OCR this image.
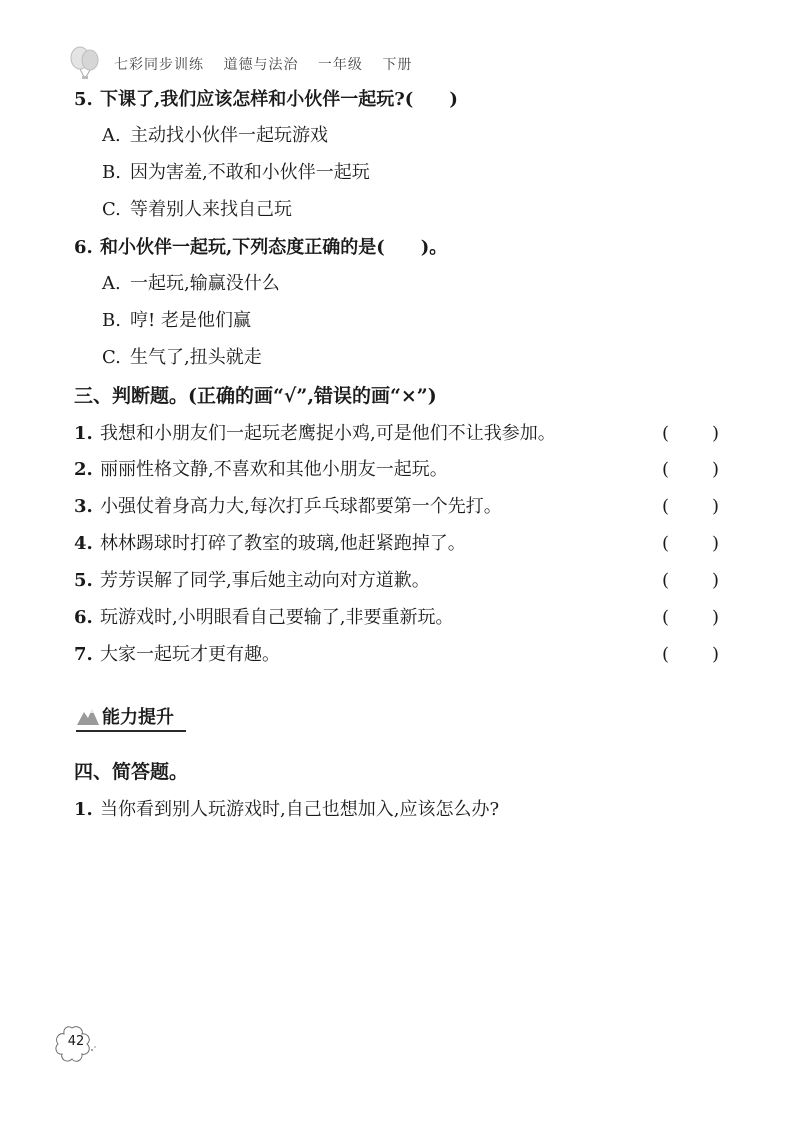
七彩同步训练 道德与法治 一年级 下册
5. 下课了,我们应该怎样和小伙伴一起玩?(　　)
A. 主动找小伙伴一起玩游戏
B. 因为害羞,不敢和小伙伴一起玩
C. 等着别人来找自己玩
6. 和小伙伴一起玩,下列态度正确的是(　　)。
A. 一起玩,输赢没什么
B. 哼! 老是他们赢
C. 生气了,扭头就走
三、判断题。(正确的画“√”,错误的画“×”)
1. 我想和小朋友们一起玩老鹰捉小鸡,可是他们不让我参加。	( )
2. 丽丽性格文静,不喜欢和其他小朋友一起玩。	( )
3. 小强仗着身高力大,每次打乒乓球都要第一个先打。	( )
4. 林林踢球时打碎了教室的玻璃,他赶紧跑掉了。	( )
5. 芳芳误解了同学,事后她主动向对方道歉。	( )
6. 玩游戏时,小明眼看自己要输了,非要重新玩。	( )
7. 大家一起玩才更有趣。	( )
能力提升
四、简答题。
1. 当你看到别人玩游戏时,自己也想加入,应该怎么办?
42
